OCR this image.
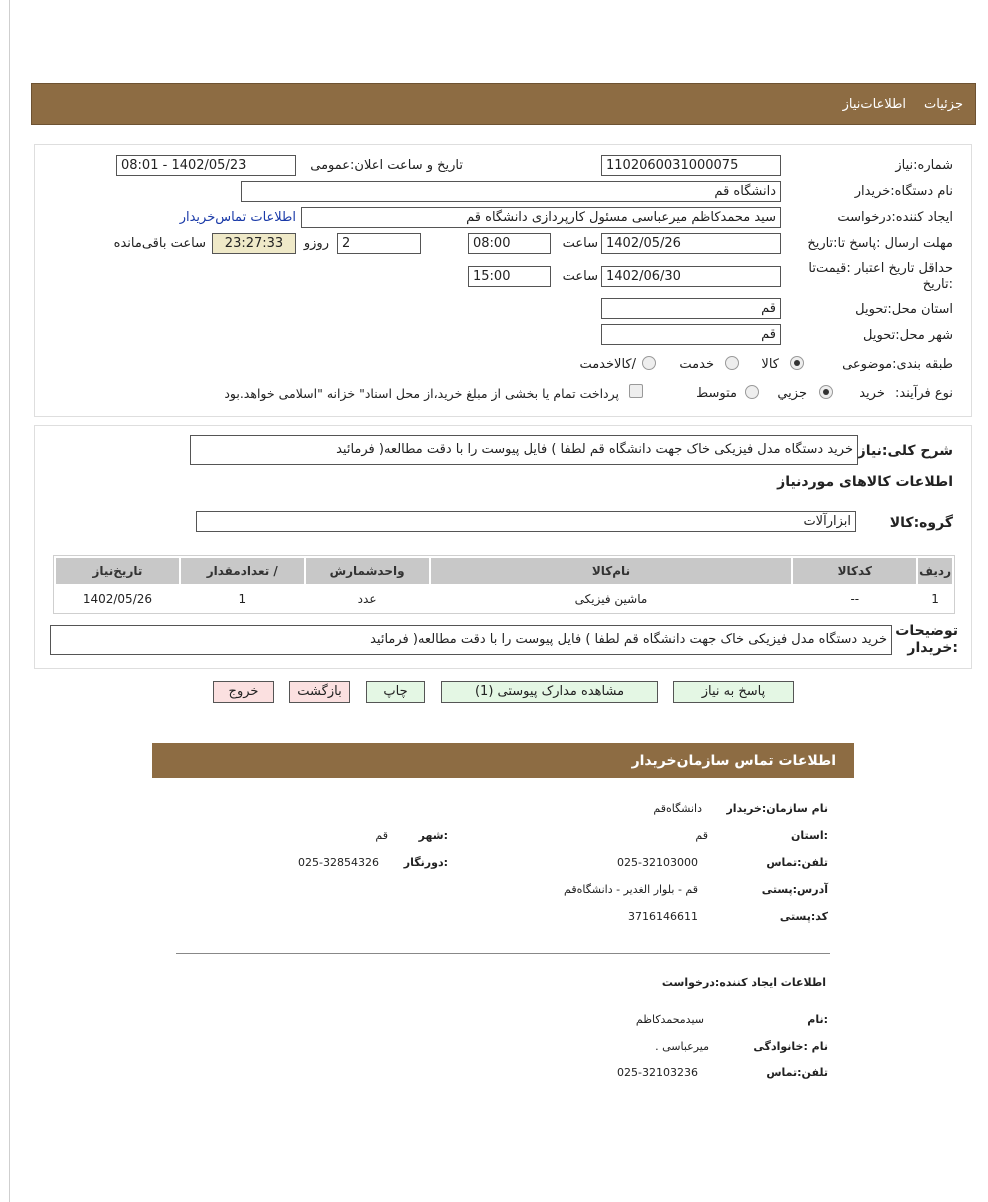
جزئیات
اطلاعات‌نیاز
شماره:نیاز
1102060031000075
تاریخ و ساعت اعلان:عمومی
1402/05/23 - 08:01
نام دستگاه:خریدار
دانشگاه قم
ایجاد کننده:درخواست
سید محمدکاظم میرعباسی مسئول کارپردازی دانشگاه قم
اطلاعات تماس‌خریدار
مهلت ارسال :پاسخ تا:تاریخ
1402/05/26
ساعت
08:00
2
روزو
23:27:33
ساعت باقی‌مانده
حداقل تاریخ اعتبار :قیمت‌تا :تاریخ
1402/06/30
ساعت
15:00
استان محل:تحویل
قم
شهر محل:تحویل
قم
طبقه بندی:موضوعی
کالا
خدمت
/کالاخدمت
نوع فرآیند: خرید
جزيي
متوسط
پرداخت تمام یا بخشی از مبلغ خرید،از محل اسناد" خزانه "اسلامی خواهد.بود
شرح کلی:نیاز
خرید دستگاه مدل فیزیکی خاک جهت دانشگاه قم لطفا ) فایل پیوست را با دقت مطالعه( فرمائید
اطلاعات کالاهای مورد‌نیاز
گروه:کالا
ابزارآلات
ردیف	کدکالا	نام‌کالا	واحدشمارش	/ تعدادمقدار	تاریخ‌نیاز
1	--	ماشین فیزیکی	عدد	1	1402/05/26
توضیحات :خریدار
خرید دستگاه مدل فیزیکی خاک جهت دانشگاه قم لطفا ) فایل پیوست را با دقت مطالعه( فرمائید
پاسخ به نیاز
مشاهده مدارک پیوستی (1)
چاپ
بازگشت
خروج
اطلاعات تماس سازمان‌خریدار
نام سازمان:خریدار
دانشگاه‌قم
:استان
قم
:شهر
قم
تلفن:تماس
025-32103000
:دورنگار
025-32854326
آدرس:پستی
قم - بلوار الغدیر - دانشگاه‌قم
کد:پستی
3716146611
اطلاعات ایجاد کننده:درخواست
:نام
سیدمحمدکاظم
نام :خانوادگی
میرعباسی .
تلفن:تماس
025-32103236
